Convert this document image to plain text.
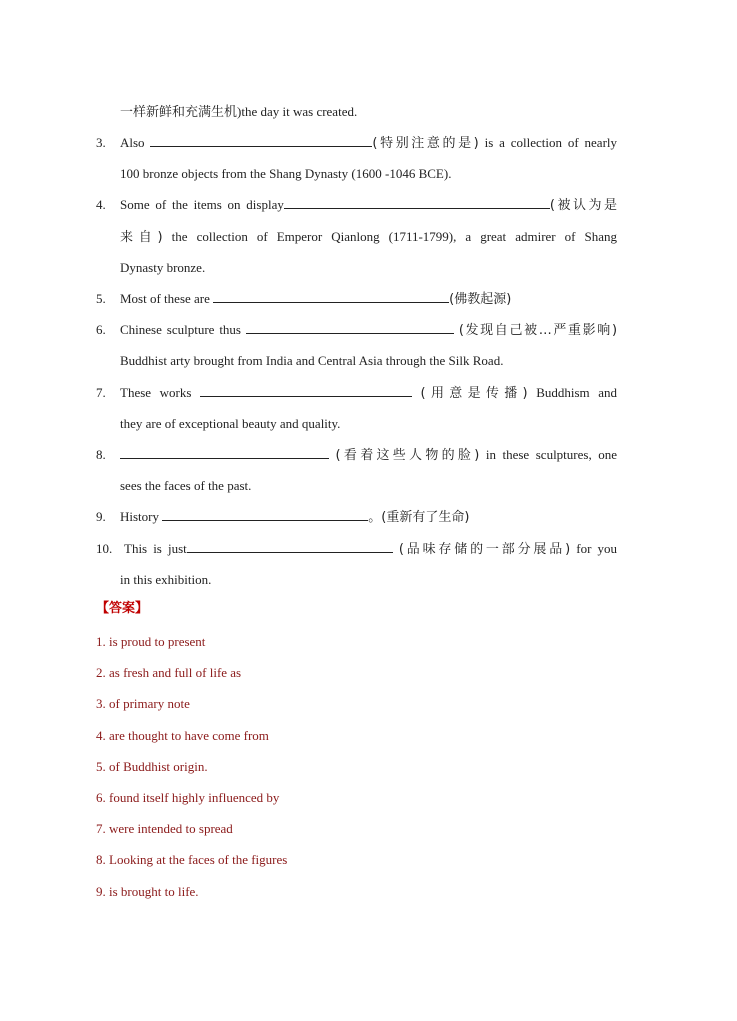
一样新鲜和充满生机)the day it was created.
3. Also	(特别注意的是) is a collection of nearly
100 bronze objects from the Shang Dynasty (1600 -1046 BCE).
4. Some of the items on display	(被认为是
来自) the collection of Emperor Qianlong (1711-1799), a great admirer of Shang
Dynasty bronze.
5. Most of these are	(佛教起源)
6. Chinese sculpture thus	(发现自己被…严重影响)
Buddhist arty brought from India and Central Asia through the Silk Road.
7. These works	(用意是传播) Buddhism and
they are of exceptional beauty and quality.
8.	(看着这些人物的脸) in these sculptures, one
sees the faces of the past.
9. History	。(重新有了生命)
10. This is just	(品味存储的一部分展品) for you
in this exhibition.
【答案】
1. is proud to present
2. as fresh and full of life as
3. of primary note
4. are thought to have come from
5. of Buddhist origin.
6. found itself highly influenced by
7. were intended to spread
8. Looking at the faces of the figures
9. is brought to life.
